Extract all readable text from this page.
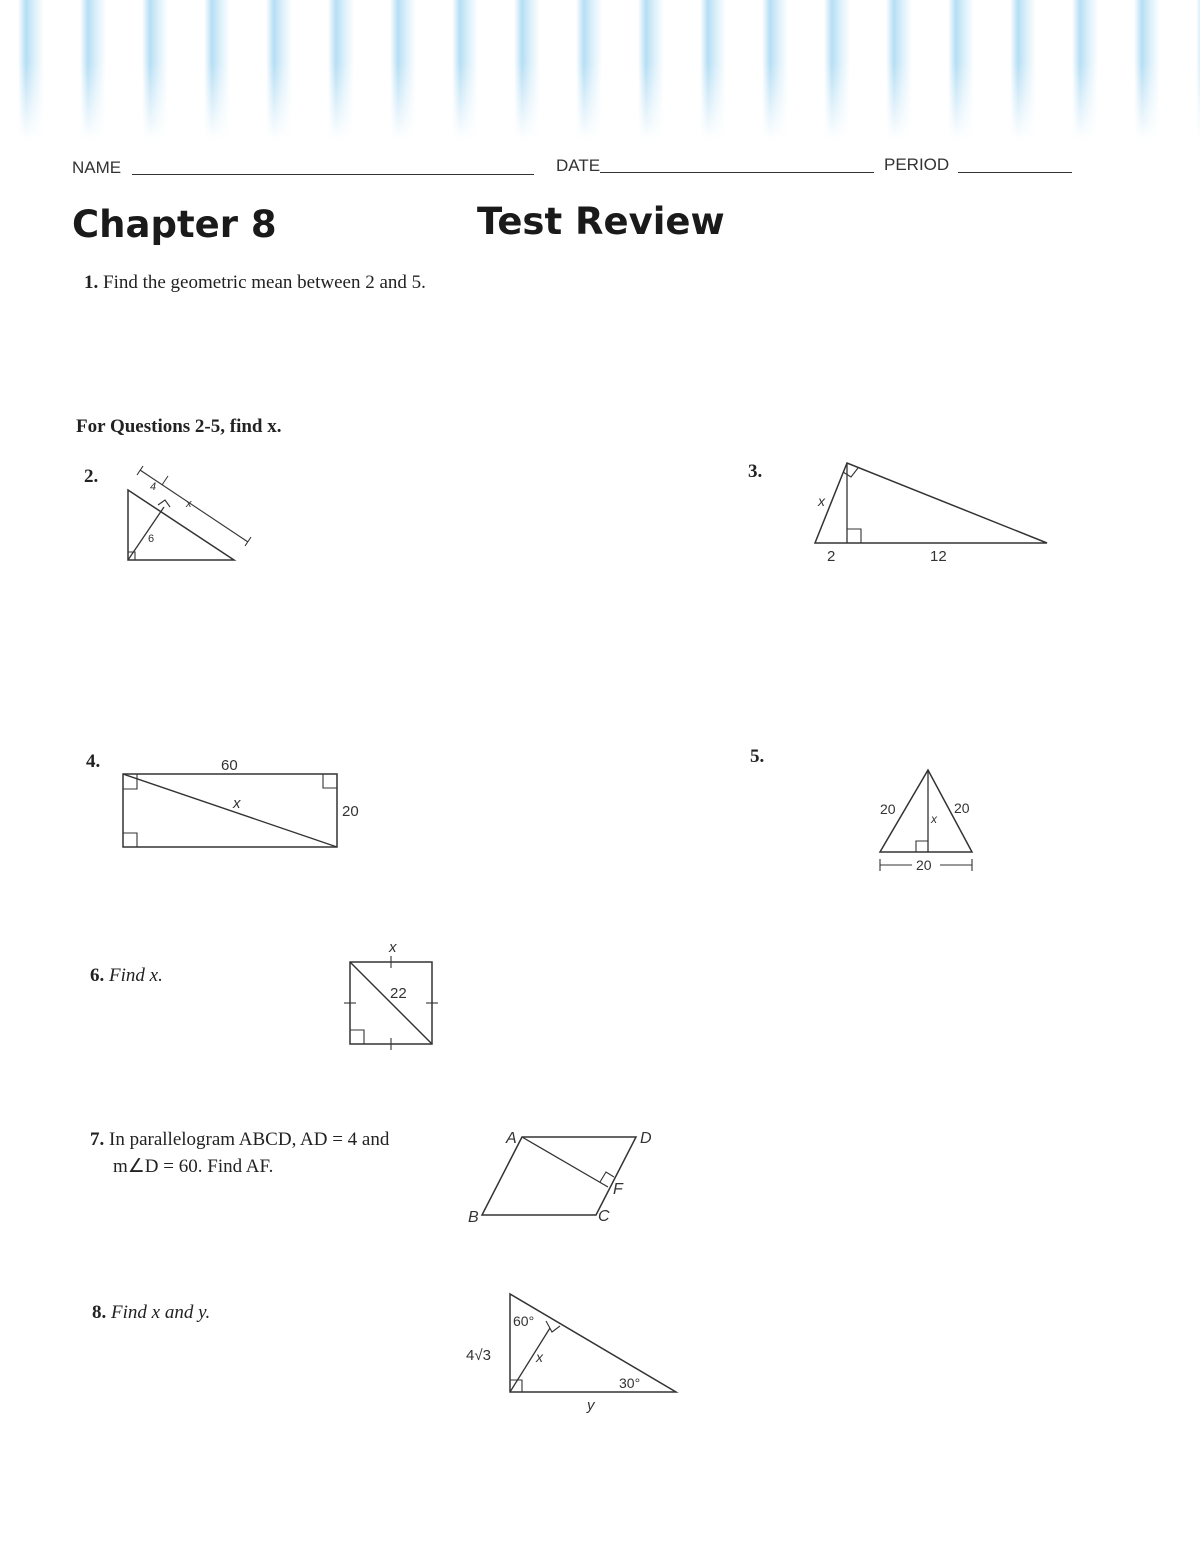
NAME	DATE	PERIOD
Chapter 8	Test Review
1. Find the geometric mean between 2 and 5.
For Questions 2-5, find x.
2.	4
x
6
3.
x
2	12
4.	60
x	20
5.
20	20
x
20
6. Find x.
x
22
7. In parallelogram ABCD, AD = 4 and
m∠D = 60. Find AF.
A	D
B	C
F
8. Find x and y.	60°
30°
4√3	x
y
